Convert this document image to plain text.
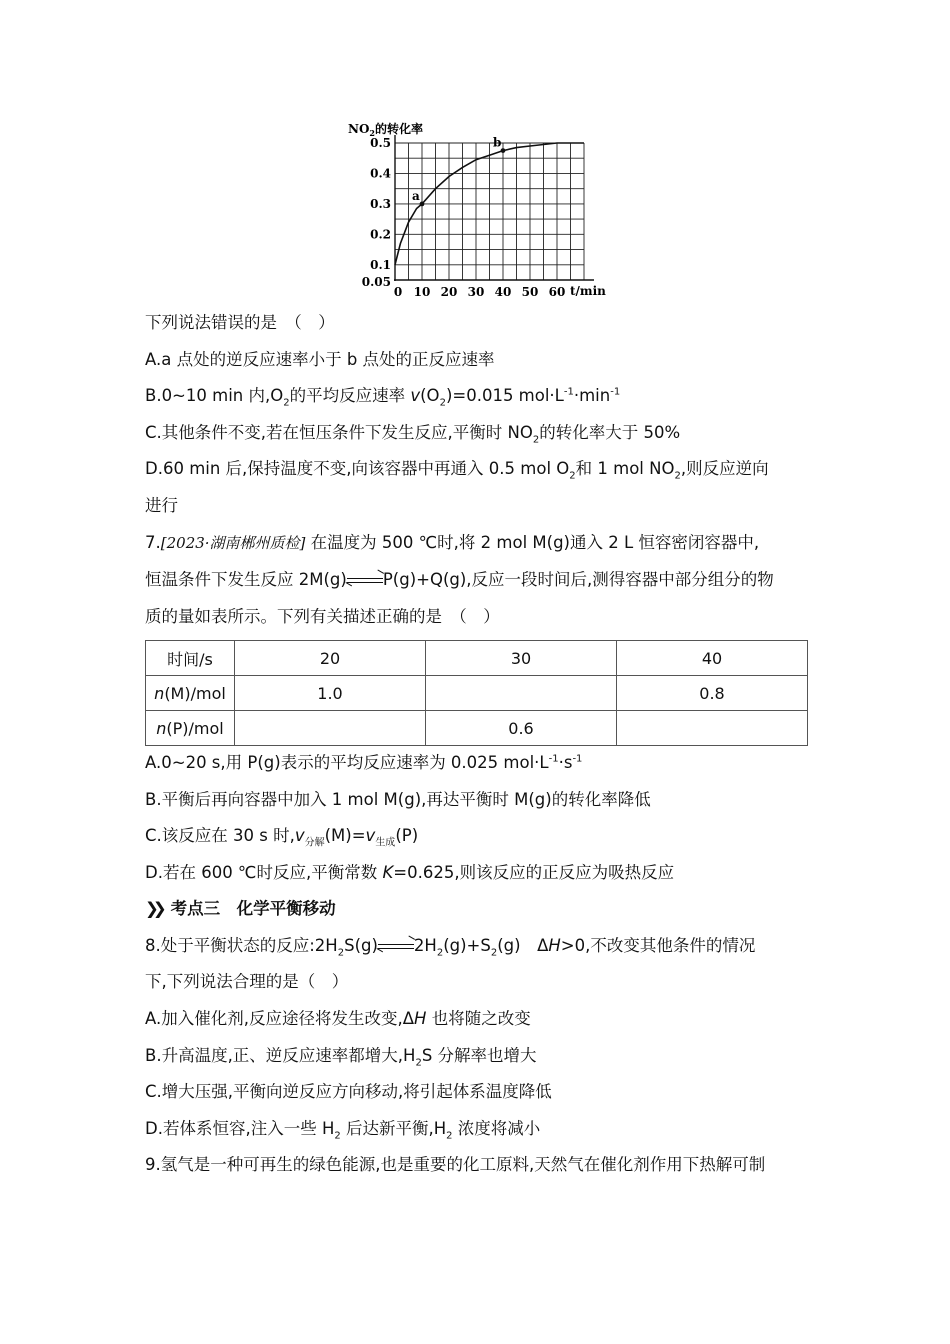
a
b
$NO_2$的转化率
t/min
0.5
0.4
0.3
0.2
0.1
0.05
0 10 20 30 40 50 60
下列说法错误的是　（　）
A.a 点处的逆反应速率小于 b 点处的正反应速率
B.0~10 min 内$,O_2$的平均反应速率 $v(O_2)=0.015$ $mol\cdot L^{-1}\cdot\min^{-1}$
C.其他条件不变,若在恒压条件下发生反应,平衡时 $NO_2$的转化率大于 50%
D.60 min 后,保持温度不变,向该容器中再通入 0.5 mol $O_2$和 1 mol $NO_2$,则反应逆向
进行
7.[2023·湖南郴州质检] 在温度为 500 ℃时,将 2 mol M(g)通入 2 L 恒容密闭容器中,
恒温条件下发生反应 2M(g) P(g)+Q(g),反应一段时间后,测得容器中部分组分的物
质的量如表所示。下列有关描述正确的是　（　）
时间/s	20	30	40
n(M)/mol	1.0		0.8
n(P)/mol		0.6	
A.0~20 s,用 P(g)表示的平均反应速率为 0.025 $mol\cdot L^{-1}\cdot s^{-1}$
B.平衡后再向容器中加入 1 mol M(g),再达平衡时 M(g)的转化率降低
C.该反应在 30 s 时$,v_{分解}(M)=v_{生成}(P)$
D.若在 600 ℃时反应,平衡常数 K=0.625,则该反应的正反应为吸热反应
❯❯ 考点三　化学平衡移动
8.处于平衡状态的反应$:2H_2S(g)$ $2H_2(g)+S_2(g)$　ΔH>0,不改变其他条件的情况
下,下列说法合理的是（　）
A.加入催化剂,反应途径将发生改变,ΔH 也将随之改变
B.升高温度,正、逆反应速率都增大$,H_2S$ 分解率也增大
C.增大压强,平衡向逆反应方向移动,将引起体系温度降低
D.若体系恒容,注入一些 $H_2$ 后达新平衡$,H_2$ 浓度将减小
9.氢气是一种可再生的绿色能源,也是重要的化工原料,天然气在催化剂作用下热解可制
